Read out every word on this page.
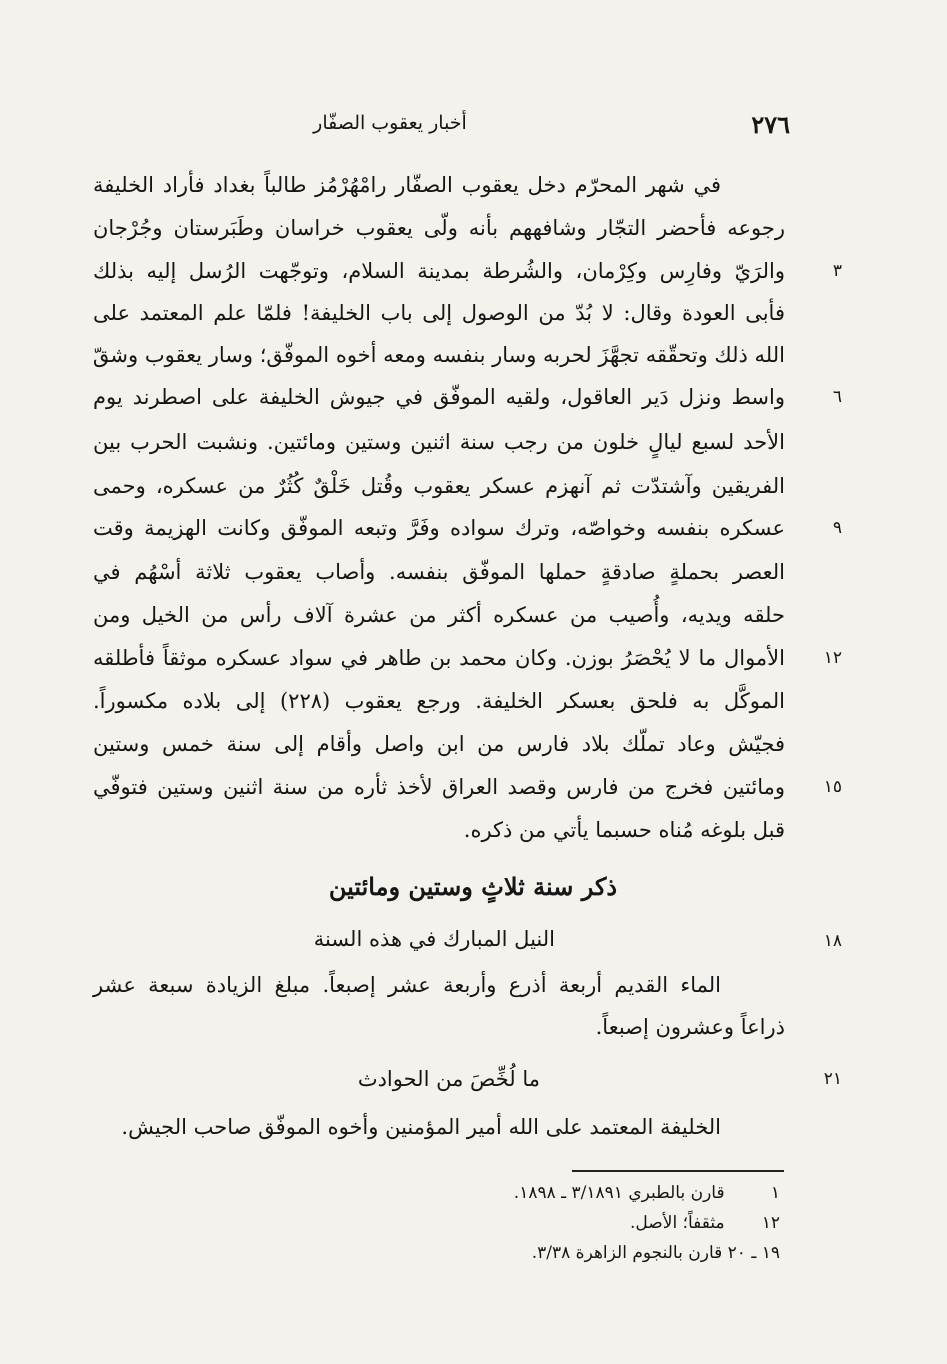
٢٧٦
أخبار يعقوب الصفّار
في شهر المحرّم دخل يعقوب الصفّار رامْهُرْمُز طالباً بغداد فأراد الخليفة
رجوعه فأحضر التجّار وشافههم بأنه ولّى يعقوب خراسان وطَبَرستان وجُرْجان
والرَيّ وفارِس وكِرْمان، والشُرطة بمدينة السلام، وتوجّهت الرُسل إليه بذلك	٣
فأبى العودة وقال: لا بُدّ من الوصول إلى باب الخليفة! فلمّا علم المعتمد على
الله ذلك وتحقّقه تجهَّزَ لحربه وسار بنفسه ومعه أخوه الموفّق؛ وسار يعقوب وشقّ
واسط ونزل دَير العاقول، ولقيه الموفّق في جيوش الخليفة على اصطرند يوم	٦
الأحد لسبع ليالٍ خلون من رجب سنة اثنين وستين ومائتين. ونشبت الحرب بين
الفريقين وآشتدّت ثم آنهزم عسكر يعقوب وقُتل خَلْقٌ كُثُرٌ من عسكره، وحمى
عسكره بنفسه وخواصّه، وترك سواده وفَرَّ وتبعه الموفّق وكانت الهزيمة وقت	٩
العصر بحملةٍ صادقةٍ حملها الموفّق بنفسه. وأصاب يعقوب ثلاثة أسْهُم في
حلقه ويديه، وأُصيب من عسكره أكثر من عشرة آلاف رأس من الخيل ومن
الأموال ما لا يُحْصَرُ بوزن. وكان محمد بن طاهر في سواد عسكره موثقاً فأطلقه	١٢
الموكَّل به فلحق بعسكر الخليفة. ورجع يعقوب (٢٢٨) إلى بلاده مكسوراً.
فجيّش وعاد تملّك بلاد فارس من ابن واصل وأقام إلى سنة خمس وستين
ومائتين فخرج من فارس وقصد العراق لأخذ ثأره من سنة اثنين وستين فتوفّي	١٥
قبل بلوغه مُناه حسبما يأتي من ذكره.
ذكر سنة ثلاثٍ وستين ومائتين
١٨
النيل المبارك في هذه السنة
الماء القديم أربعة أذرع وأربعة عشر إصبعاً. مبلغ الزيادة سبعة عشر
ذراعاً وعشرون إصبعاً.
٢١
ما لُخِّصَ من الحوادث
الخليفة المعتمد على الله أمير المؤمنين وأخوه الموفّق صاحب الجيش.
١ قارن بالطبري ٣/١٨٩١ ـ ١٨٩٨.
١٢ مثقفاً؛ الأصل.
١٩ ـ ٢٠ قارن بالنجوم الزاهرة ٣/٣٨.
